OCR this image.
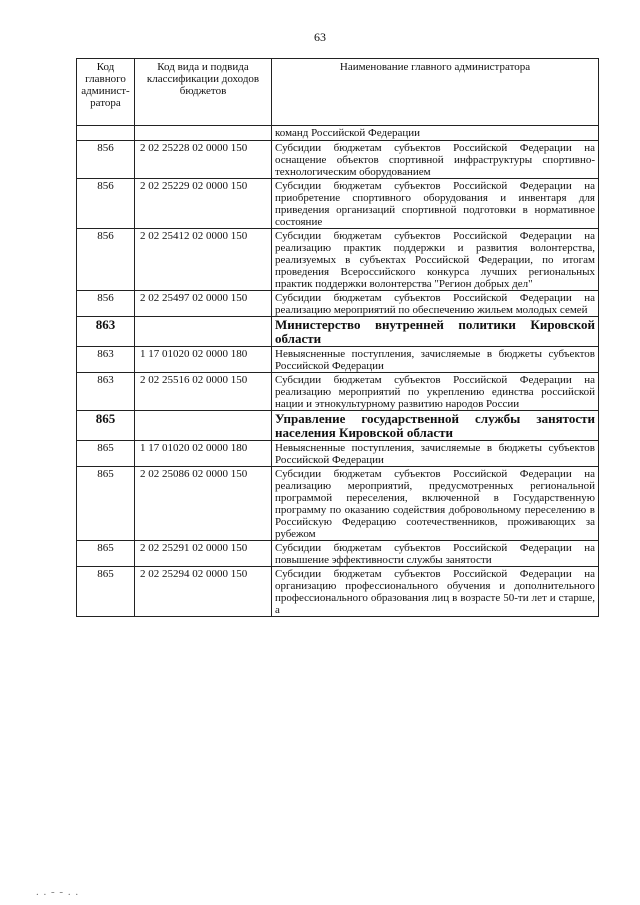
63
Код главного админист-ратора	Код вида и подвида классификации доходов бюджетов	Наименование главного администратора
		команд Российской Федерации
856	2 02 25228 02 0000 150	Субсидии бюджетам субъектов Российской Федерации на оснащение объектов спортивной инфраструктуры спортивно-технологическим оборудованием
856	2 02 25229 02 0000 150	Субсидии бюджетам субъектов Российской Федерации на приобретение спортивного оборудования и инвентаря для приведения организаций спортивной подготовки в нормативное состояние
856	2 02 25412 02 0000 150	Субсидии бюджетам субъектов Российской Федерации на реализацию практик поддержки и развития волонтерства, реализуемых в субъектах Российской Федерации, по итогам проведения Всероссийского конкурса лучших региональных практик поддержки волонтерства "Регион добрых дел"
856	2 02 25497 02 0000 150	Субсидии бюджетам субъектов Российской Федерации на реализацию мероприятий по обеспечению жильем молодых семей
863		Министерство внутренней политики Кировской области
863	1 17 01020 02 0000 180	Невыясненные поступления, зачисляемые в бюджеты субъектов Российской Федерации
863	2 02 25516 02 0000 150	Субсидии бюджетам субъектов Российской Федерации на реализацию мероприятий по укреплению единства российской нации и этнокультурному развитию народов России
865		Управление государственной службы занятости населения Кировской области
865	1 17 01020 02 0000 180	Невыясненные поступления, зачисляемые в бюджеты субъектов Российской Федерации
865	2 02 25086 02 0000 150	Субсидии бюджетам субъектов Российской Федерации на реализацию мероприятий, предусмотренных региональной программой переселения, включенной в Государственную программу по оказанию содействия добровольному переселению в Российскую Федерацию соотечественников, проживающих за рубежом
865	2 02 25291 02 0000 150	Субсидии бюджетам субъектов Российской Федерации на повышение эффективности службы занятости
865	2 02 25294 02 0000 150	Субсидии бюджетам субъектов Российской Федерации на организацию профессионального обучения и дополнительного профессионального образования лиц в возрасте 50-ти лет и старше, а
. . - - . .
